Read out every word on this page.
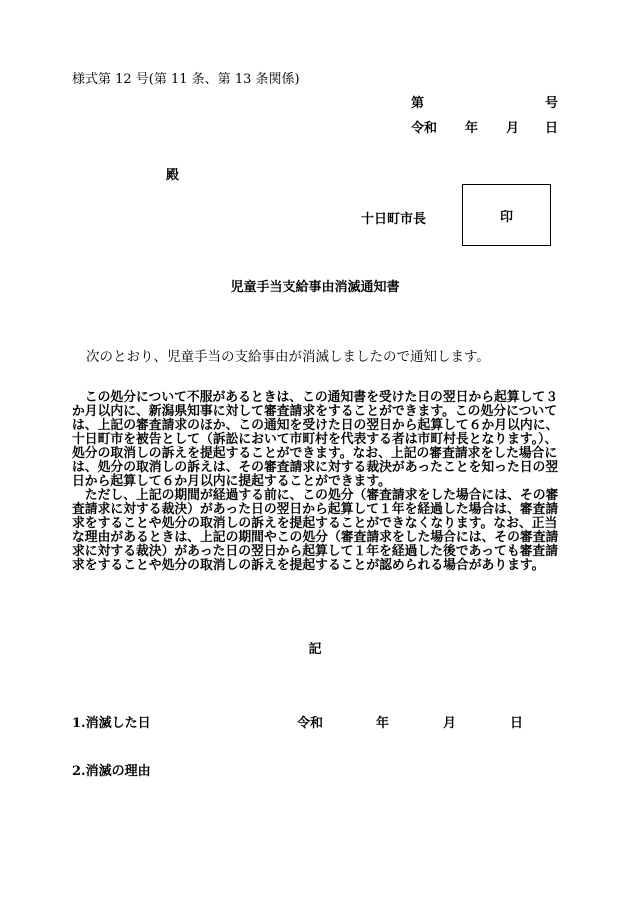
様式第 12 号(第 11 条、第 13 条関係)
第	号
令和 年 月 日
殿
十日町市長	印
児童手当支給事由消滅通知書
次のとおり、児童手当の支給事由が消滅しましたので通知します。

この処分について不服があるときは、この通知書を受けた日の翌日から起算して３か月以内に、新潟県知事に対して審査請求をすることができます。この処分については、上記の審査請求のほか、この通知を受けた日の翌日から起算して６か月以内に、十日町市を被告として（訴訟において市町村を代表する者は市町村長となります。）、処分の取消しの訴えを提起することができます。なお、上記の審査請求をした場合には、処分の取消しの訴えは、その審査請求に対する裁決があったことを知った日の翌日から起算して６か月以内に提起することができます。

ただし、上記の期間が経過する前に、この処分（審査請求をした場合には、その審査請求に対する裁決）があった日の翌日から起算して１年を経過した場合は、審査請求をすることや処分の取消しの訴えを提起することができなくなります。なお、正当な理由があるときは、上記の期間やこの処分（審査請求をした場合には、その審査請求に対する裁決）があった日の翌日から起算して１年を経過した後であっても審査請求をすることや処分の取消しの訴えを提起することが認められる場合があります。

記
1.消滅した日	令和	年	月	日
2.消滅の理由
